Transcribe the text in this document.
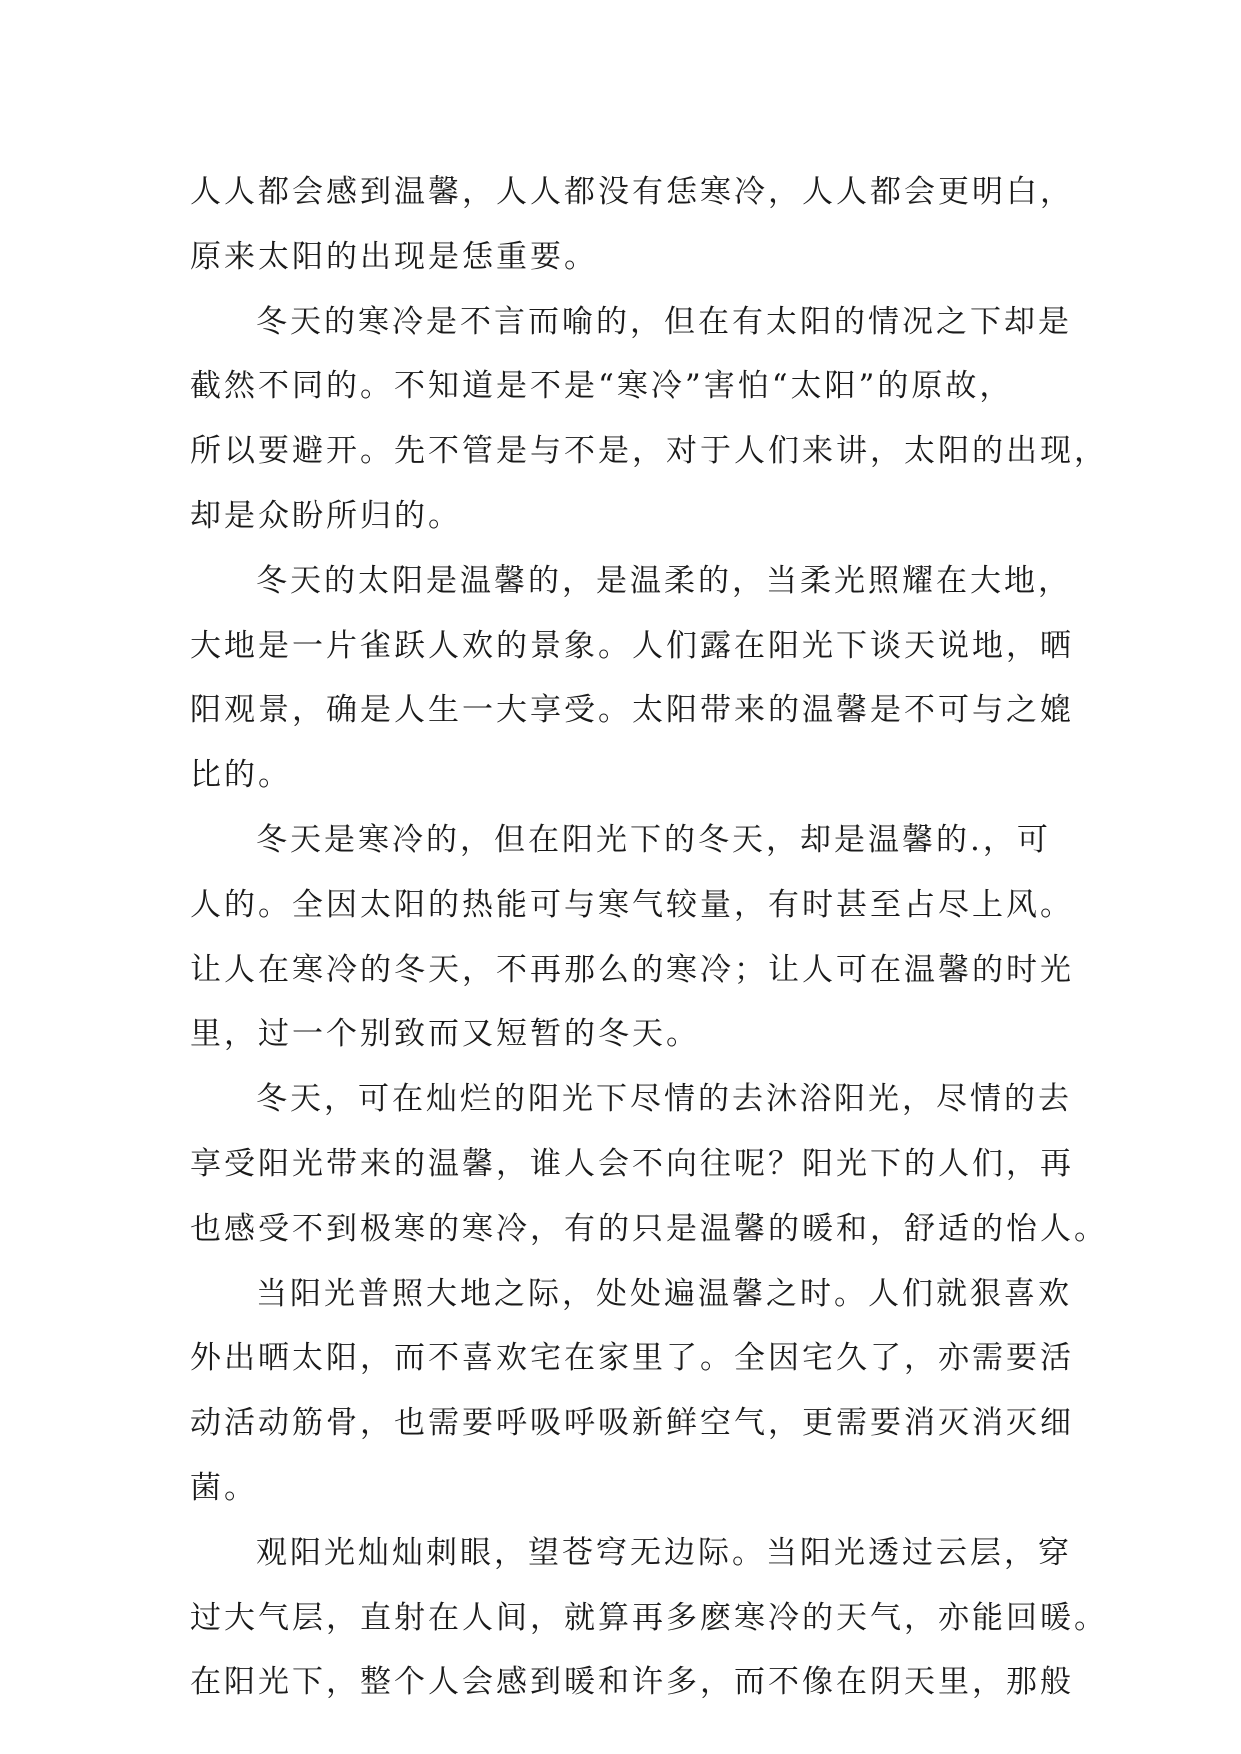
人人都会感到温馨，人人都没有恁寒冷，人人都会更明白，
原来太阳的出现是恁重要。
冬天的寒冷是不言而喻的，但在有太阳的情况之下却是
截然不同的。不知道是不是“寒冷”害怕“太阳”的原故，
所以要避开。先不管是与不是，对于人们来讲，太阳的出现，
却是众盼所归的。
冬天的太阳是温馨的，是温柔的，当柔光照耀在大地，
大地是一片雀跃人欢的景象。人们露在阳光下谈天说地，晒
阳观景，确是人生一大享受。太阳带来的温馨是不可与之媲
比的。
冬天是寒冷的，但在阳光下的冬天，却是温馨的.，可
人的。全因太阳的热能可与寒气较量，有时甚至占尽上风。
让人在寒冷的冬天，不再那么的寒冷；让人可在温馨的时光
里，过一个别致而又短暂的冬天。
冬天，可在灿烂的阳光下尽情的去沐浴阳光，尽情的去
享受阳光带来的温馨，谁人会不向往呢？阳光下的人们，再
也感受不到极寒的寒冷，有的只是温馨的暖和，舒适的怡人。
当阳光普照大地之际，处处遍温馨之时。人们就狠喜欢
外出晒太阳，而不喜欢宅在家里了。全因宅久了，亦需要活
动活动筋骨，也需要呼吸呼吸新鲜空气，更需要消灭消灭细
菌。
观阳光灿灿刺眼，望苍穹无边际。当阳光透过云层，穿
过大气层，直射在人间，就算再多麽寒冷的天气，亦能回暖。
在阳光下，整个人会感到暖和许多，而不像在阴天里，那般
